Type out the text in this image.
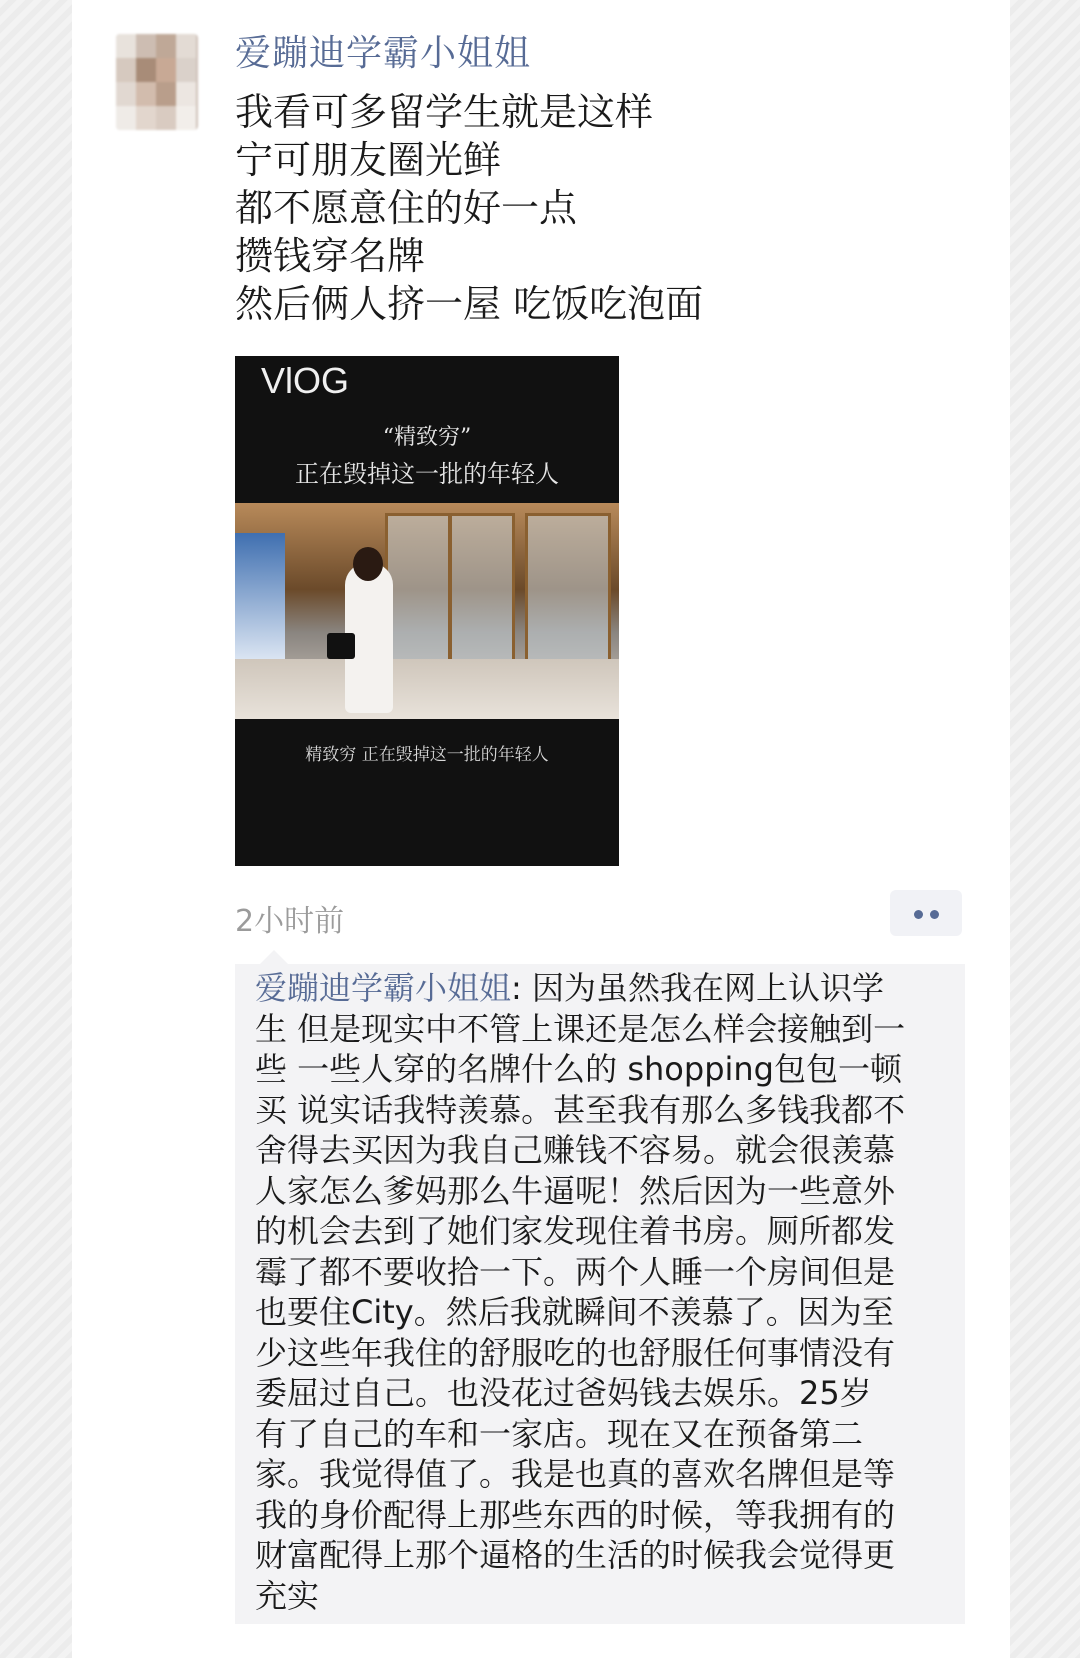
爱蹦迪学霸小姐姐
我看可多留学生就是这样
宁可朋友圈光鲜
都不愿意住的好一点
攒钱穿名牌
然后俩人挤一屋 吃饭吃泡面
VlOG
“精致穷”
正在毁掉这一批的年轻人
精致穷 正在毁掉这一批的年轻人
2小时前
爱蹦迪学霸小姐姐: 因为虽然我在网上认识学
生 但是现实中不管上课还是怎么样会接触到一
些 一些人穿的名牌什么的 shopping包包一顿
买 说实话我特羡慕。甚至我有那么多钱我都不
舍得去买因为我自己赚钱不容易。就会很羡慕
人家怎么爹妈那么牛逼呢！然后因为一些意外
的机会去到了她们家发现住着书房。厕所都发
霉了都不要收拾一下。两个人睡一个房间但是
也要住City。然后我就瞬间不羡慕了。因为至
少这些年我住的舒服吃的也舒服任何事情没有
委屈过自己。也没花过爸妈钱去娱乐。25岁
有了自己的车和一家店。现在又在预备第二
家。我觉得值了。我是也真的喜欢名牌但是等
我的身价配得上那些东西的时候，等我拥有的
财富配得上那个逼格的生活的时候我会觉得更
充实
